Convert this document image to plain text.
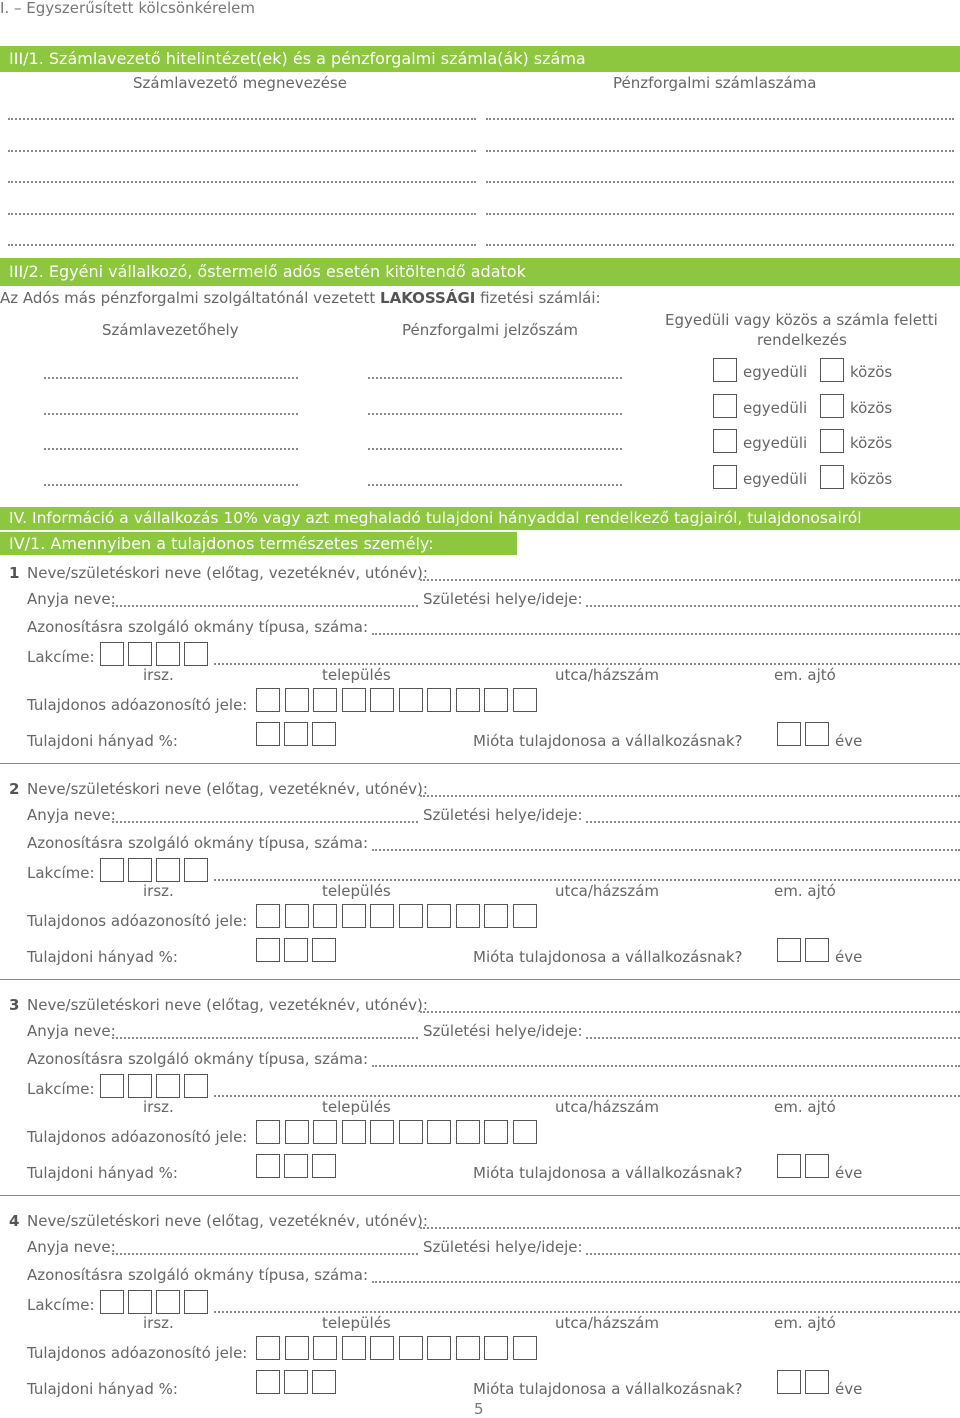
I. – Egyszerűsített kölcsönkérelem
III/1. Számlavezető hitelintézet(ek) és a pénzforgalmi számla(ák) száma
Számlavezető megnevezése	Pénzforgalmi számlaszáma
III/2. Egyéni vállalkozó, őstermelő adós esetén kitöltendő adatok
Az Adós más pénzforgalmi szolgáltatónál vezetett LAKOSSÁGI fizetési számlái:
Számlavezetőhely	Pénzforgalmi jelzőszám
Egyedüli vagy közös a számla feletti
rendelkezés
egyedüli	közös
egyedüli	közös
egyedüli	közös
egyedüli	közös
IV. Információ a vállalkozás 10% vagy azt meghaladó tulajdoni hányaddal rendelkező tagjairól, tulajdonosairól
IV/1. Amennyiben a tulajdonos természetes személy:
1 Neve/születéskori neve (előtag, vezetéknév, utónév):
Anyja neve:	Születési helye/ideje:
Azonosításra szolgáló okmány típusa, száma:
Lakcíme:
irsz.	település	utca/házszám	em. ajtó
Tulajdonos adóazonosító jele:
Tulajdoni hányad %:	Mióta tulajdonosa a vállalkozásnak?	éve
2 Neve/születéskori neve (előtag, vezetéknév, utónév):
Anyja neve:	Születési helye/ideje:
Azonosításra szolgáló okmány típusa, száma:
Lakcíme:
irsz.	település	utca/házszám	em. ajtó
Tulajdonos adóazonosító jele:
Tulajdoni hányad %:	Mióta tulajdonosa a vállalkozásnak?	éve
3 Neve/születéskori neve (előtag, vezetéknév, utónév):
Anyja neve:	Születési helye/ideje:
Azonosításra szolgáló okmány típusa, száma:
Lakcíme:
irsz.	település	utca/házszám	em. ajtó
Tulajdonos adóazonosító jele:
Tulajdoni hányad %:	Mióta tulajdonosa a vállalkozásnak?	éve
4 Neve/születéskori neve (előtag, vezetéknév, utónév):
Anyja neve:	Születési helye/ideje:
Azonosításra szolgáló okmány típusa, száma:
Lakcíme:
irsz.	település	utca/házszám	em. ajtó
Tulajdonos adóazonosító jele:
Tulajdoni hányad %:	Mióta tulajdonosa a vállalkozásnak?	éve
5
